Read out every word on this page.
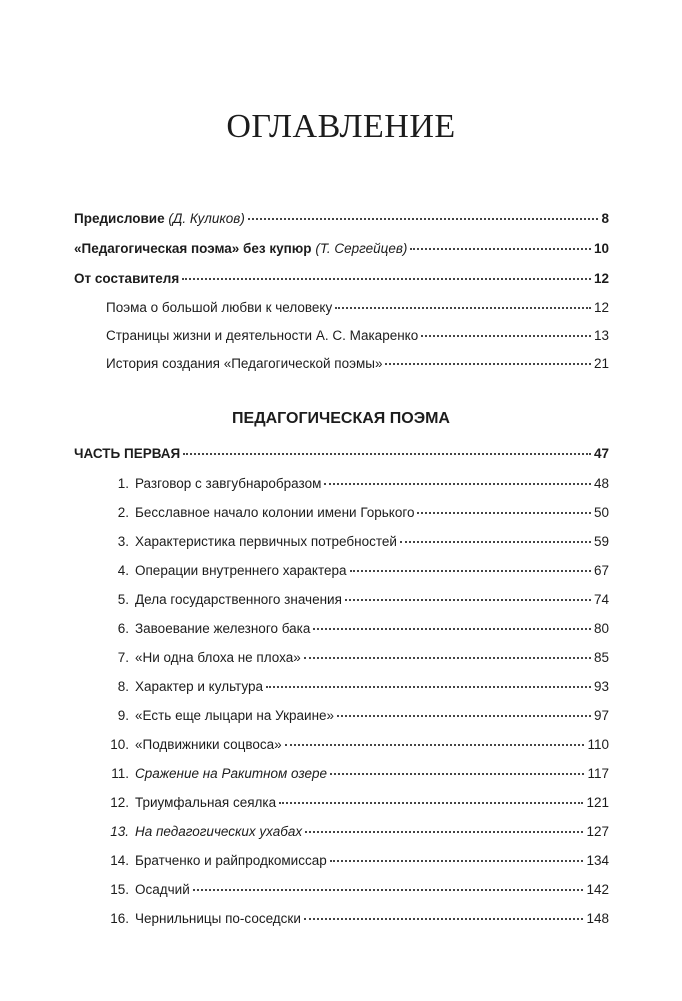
ОГЛАВЛЕНИЕ
Предисловие (Д. Куликов)	8
«Педагогическая поэма» без купюр (Т. Сергейцев)	10
От составителя	12
Поэма о большой любви к человеку	12
Страницы жизни и деятельности А. С. Макаренко	13
История создания «Педагогической поэмы»	21
ПЕДАГОГИЧЕСКАЯ ПОЭМА
ЧАСТЬ ПЕРВАЯ	47
1. Разговор с завгубнаробразом	48
2. Бесславное начало колонии имени Горького	50
3. Характеристика первичных потребностей	59
4. Операции внутреннего характера	67
5. Дела государственного значения	74
6. Завоевание железного бака	80
7. «Ни одна блоха не плоха»	85
8. Характер и культура	93
9. «Есть еще лыцари на Украине»	97
10. «Подвижники соцвоса»	110
11. Сражение на Ракитном озере	117
12. Триумфальная сеялка	121
13. На педагогических ухабах	127
14. Братченко и райпродкомиссар	134
15. Осадчий	142
16. Чернильницы по-соседски	148
